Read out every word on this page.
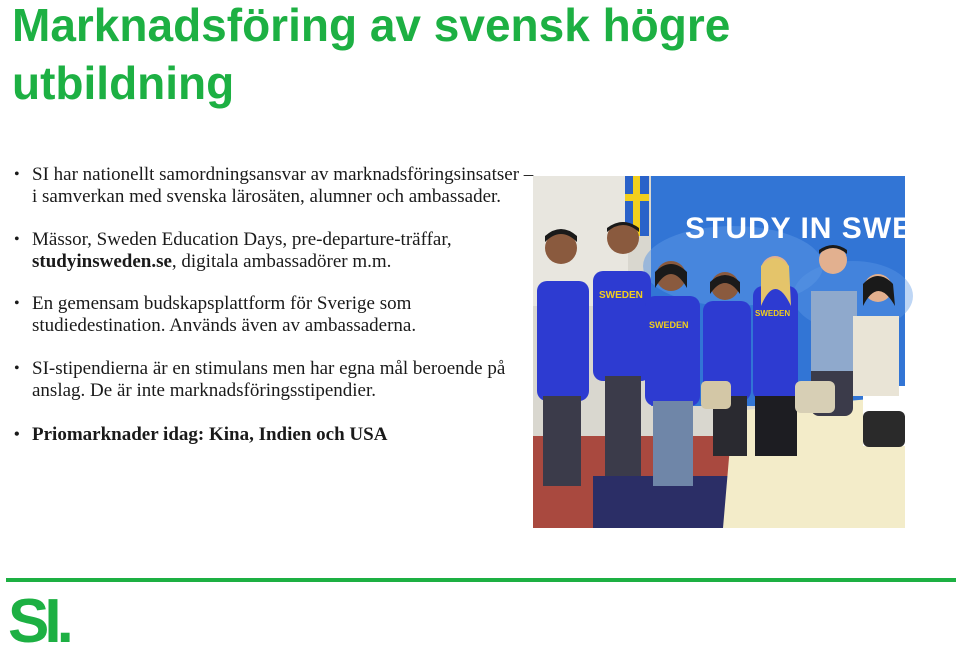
Marknadsföring av svensk högre utbildning
• SI har nationellt samordningsansvar av marknadsföringsinsatser – i samverkan med svenska lärosäten, alumner och ambassader.
• Mässor, Sweden Education Days, pre-departure-träffar, studyinsweden.se, digitala ambassadörer m.m.
• En gemensam budskapsplattform för Sverige som studiedestination. Används även av ambassaderna.
• SI-stipendierna är en stimulans men har egna mål beroende på anslag. De är inte marknadsföringsstipendier.
• Priomarknader idag: Kina, Indien och USA
STUDY IN SWED
SWEDEN
SWEDEN
SWEDEN
SI.
